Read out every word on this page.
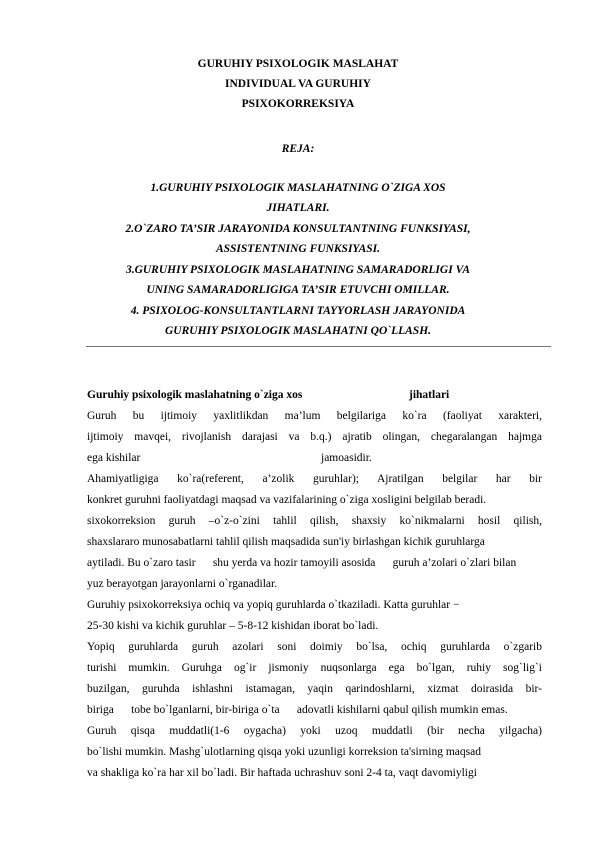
GURUHIY PSIXOLOGIK MASLAHAT
INDIVIDUAL VA GURUHIY
PSIXOKORREKSIYA
REJA:
1.GURUHIY PSIXOLOGIK MASLAHATNING O`ZIGA XOS
JIHATLARI.
2.O`ZARO TA’SIR JARAYONIDA KONSULTANTNING FUNKSIYASI,
ASSISTENTNING FUNKSIYASI.
3.GURUHIY PSIXOLOGIK MASLAHATNING SAMARADORLIGI VA
UNING SAMARADORLIGIGA TA’SIR ETUVCHI OMILLAR.
4. PSIXOLOG-KONSULTANTLARNI TAYYORLASH JARAYONIDA
GURUHIY PSIXOLOGIK MASLAHATNI QO`LLASH.
Guruhiy psixologik maslahatning o`ziga xos	jihatlari
Guruh bu ijtimoiy yaxlitlikdan ma’lum belgilariga ko`ra (faoliyat xarakteri,
ijtimoiy mavqei, rivojlanish darajasi va b.q.) ajratib olingan, chegaralangan hajmga
ega kishilar	jamoasidir.
Ahamiyatligiga ko`ra(referent, a’zolik guruhlar); Ajratilgan belgilar har bir
konkret guruhni faoliyatdagi maqsad va vazifalarining o`ziga xosligini belgilab beradi.
sixokorreksion guruh –o`z-o`zini tahlil qilish, shaxsiy ko`nikmalarni hosil qilish,
shaxslararo munosabatlarni tahlil qilish maqsadida sun'iy birlashgan kichik guruhlarga
aytiladi. Bu o`zaro tasir      shu yerda va hozir tamoyili asosida      guruh a’zolari o`zlari bilan
yuz berayotgan jarayonlarni o`rganadilar.
Guruhiy psixokorreksiya ochiq va yopiq guruhlarda o`tkaziladi. Katta guruhlar −
25-30 kishi va kichik guruhlar – 5-8-12 kishidan iborat bo`ladi.
Yopiq guruhlarda guruh azolari soni doimiy bo`lsa, ochiq guruhlarda o`zgarib
turishi mumkin. Guruhga og`ir jismoniy nuqsonlarga ega bo`lgan, ruhiy sog`lig`i
buzilgan, guruhda ishlashni istamagan, yaqin qarindoshlarni, xizmat doirasida bir-
biriga      tobe bo`lganlarni, bir-biriga o`ta      adovatli kishilarni qabul qilish mumkin emas.
Guruh qisqa muddatli(1-6 oygacha) yoki uzoq muddatli (bir necha yilgacha)
bo`lishi mumkin. Mashg`ulotlarning qisqa yoki uzunligi korreksion ta'sirning maqsad
va shakliga ko`ra har xil bo`ladi. Bir haftada uchrashuv soni 2-4 ta, vaqt davomiyligi
